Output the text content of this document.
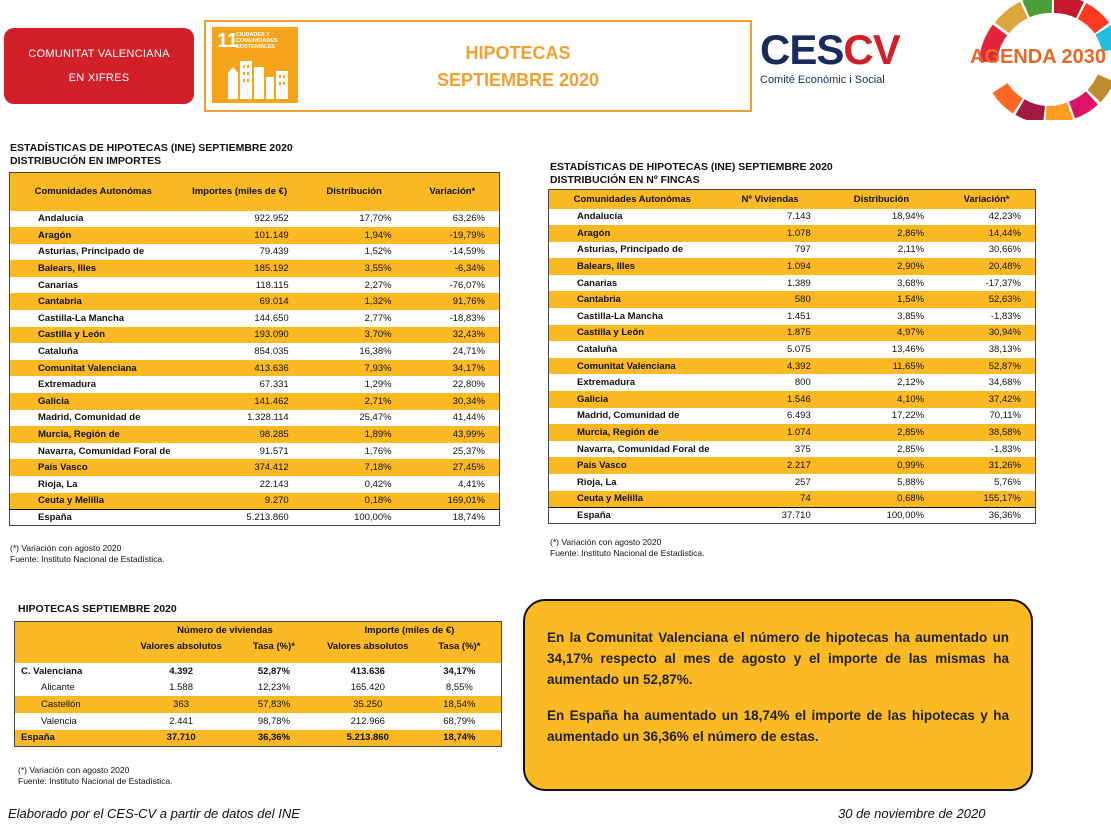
COMUNITAT VALENCIANA
EN XIFRES
11
CIUDADES Y COMUNIDADES SOSTENIBLES	HIPOTECAS
SEPTIEMBRE 2020
CESCV
Comité Econòmic i Social
AGENDA 2030
ESTADÍSTICAS DE HIPOTECAS (INE) SEPTIEMBRE 2020
DISTRIBUCIÓN EN IMPORTES
Comunidades Autonómas	Importes (miles de €)	Distribución	Variación*
Andalucía	922.952	17,70%	63,26%
Aragón	101.149	1,94%	-19,79%
Asturias, Principado de	79.439	1,52%	-14,59%
Balears, Illes	185.192	3,55%	-6,34%
Canarias	118.115	2,27%	-76,07%
Cantabria	69.014	1,32%	91,76%
Castilla-La Mancha	144.650	2,77%	-18,83%
Castilla y León	193.090	3,70%	32,43%
Cataluña	854.035	16,38%	24,71%
Comunitat Valenciana	413.636	7,93%	34,17%
Extremadura	67.331	1,29%	22,80%
Galicia	141.462	2,71%	30,34%
Madrid, Comunidad de	1.328.114	25,47%	41,44%
Murcia, Región de	98.285	1,89%	43,99%
Navarra, Comunidad Foral de	91.571	1,76%	25,37%
País Vasco	374.412	7,18%	27,45%
Rioja, La	22.143	0,42%	4,41%
Ceuta y Melilla	9.270	0,18%	169,01%
España	5.213.860	100,00%	18,74%
(*) Variación con agosto 2020
Fuente: Instituto Nacional de Estadística.
ESTADÍSTICAS DE HIPOTECAS (INE) SEPTIEMBRE 2020
DISTRIBUCIÓN EN Nº FINCAS
Comunidades Autonómas	Nº Viviendas	Distribución	Variación*
Andalucía	7.143	18,94%	42,23%
Aragón	1.078	2,86%	14,44%
Asturias, Principado de	797	2,11%	30,66%
Balears, Illes	1.094	2,90%	20,48%
Canarias	1.389	3,68%	-17,37%
Cantabria	580	1,54%	52,63%
Castilla-La Mancha	1.451	3,85%	-1,83%
Castilla y León	1.875	4,97%	30,94%
Cataluña	5.075	13,46%	38,13%
Comunitat Valenciana	4.392	11,65%	52,87%
Extremadura	800	2,12%	34,68%
Galicia	1.546	4,10%	37,42%
Madrid, Comunidad de	6.493	17,22%	70,11%
Murcia, Región de	1.074	2,85%	38,58%
Navarra, Comunidad Foral de	375	2,85%	-1,83%
País Vasco	2.217	0,99%	31,26%
Rioja, La	257	5,88%	5,76%
Ceuta y Melilla	74	0,68%	155,17%
España	37.710	100,00%	36,36%
(*) Variación con agosto 2020
Fuente: Instituto Nacional de Estadística.
HIPOTECAS SEPTIEMBRE 2020
	Número de viviendas		Importe (miles de €)	
	Valores absolutos	Tasa (%)*	Valores absolutos	Tasa (%)*

C. Valenciana	4.392	52,87%	413.636	34,17%
Alicante	1.588	12,23%	165.420	8,55%
Castellón	363	57,83%	35.250	18,54%
Valencia	2.441	98,78%	212.966	68,79%
España	37.710	36,36%	5.213.860	18,74%
(*) Variación con agosto 2020
Fuente: Instituto Nacional de Estadística.

En la Comunitat Valenciana el número de hipotecas ha aumentado un 34,17% respecto al mes de agosto y el importe de las mismas ha aumentado un 52,87%.

En España ha aumentado un 18,74% el importe de las hipotecas y ha aumentado un 36,36% el número de estas.

Elaborado por el CES-CV a partir de datos del INE	30 de noviembre de 2020
